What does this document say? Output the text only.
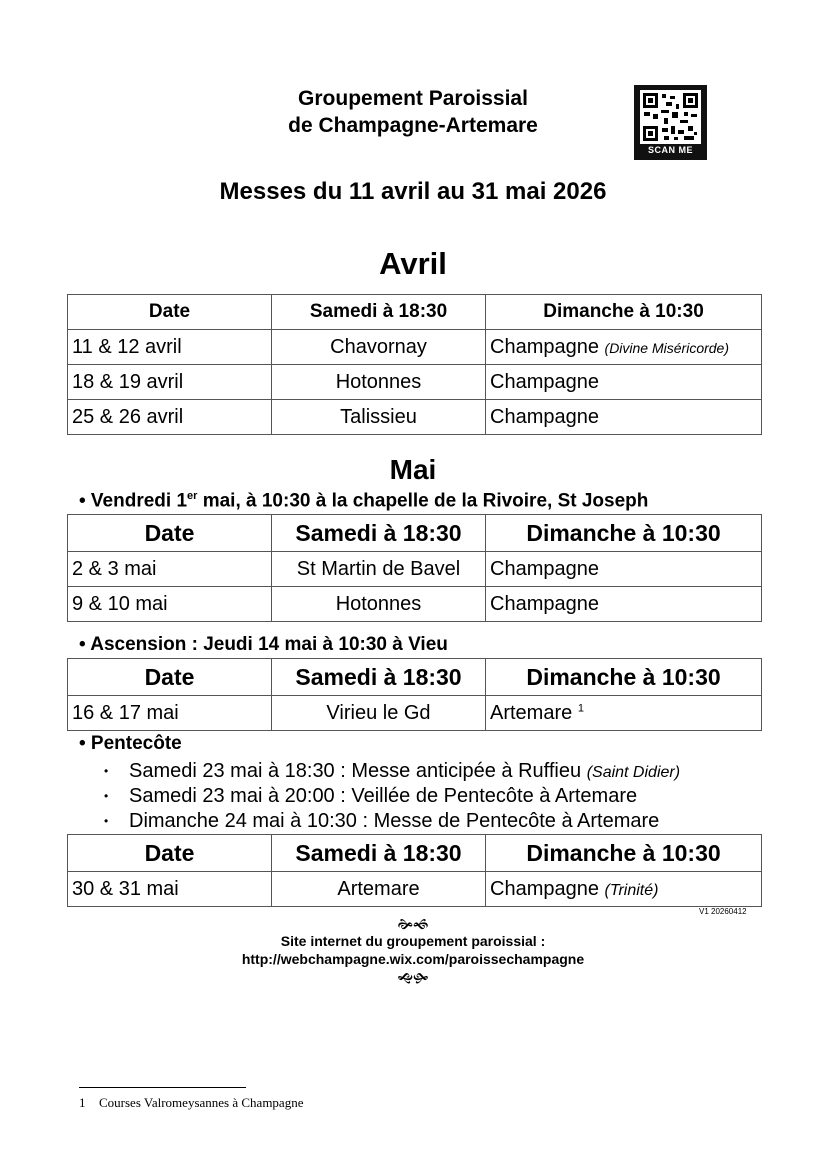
Groupement Paroissial
de Champagne-Artemare
SCAN ME
Messes du 11 avril au 31 mai 2026
Avril
Date	Samedi à 18:30	Dimanche à 10:30
11 & 12 avril	Chavornay	Champagne (Divine Miséricorde)
18 & 19 avril	Hotonnes	Champagne
25 & 26 avril	Talissieu	Champagne
Mai
• Vendredi 1er mai, à 10:30 à la chapelle de la Rivoire, St Joseph
Date	Samedi à 18:30	Dimanche à 10:30
2 & 3 mai	St Martin de Bavel	Champagne
9 & 10 mai	Hotonnes	Champagne
• Ascension : Jeudi 14 mai à 10:30 à Vieu
Date	Samedi à 18:30	Dimanche à 10:30
16 & 17 mai	Virieu le Gd	Artemare $^1$
• Pentecôte
• Samedi 23 mai à 18:30 : Messe anticipée à Ruffieu (Saint Didier)
• Samedi 23 mai à 20:00 : Veillée de Pentecôte à Artemare
• Dimanche 24 mai à 10:30 : Messe de Pentecôte à Artemare
Date	Samedi à 18:30	Dimanche à 10:30
30 & 31 mai	Artemare	Champagne (Trinité)
V1 20260412
🙞🙜
Site internet du groupement paroissial :
http://webchampagne.wix.com/paroissechampagne
🙝🙟
1 Courses Valromeysannes à Champagne
